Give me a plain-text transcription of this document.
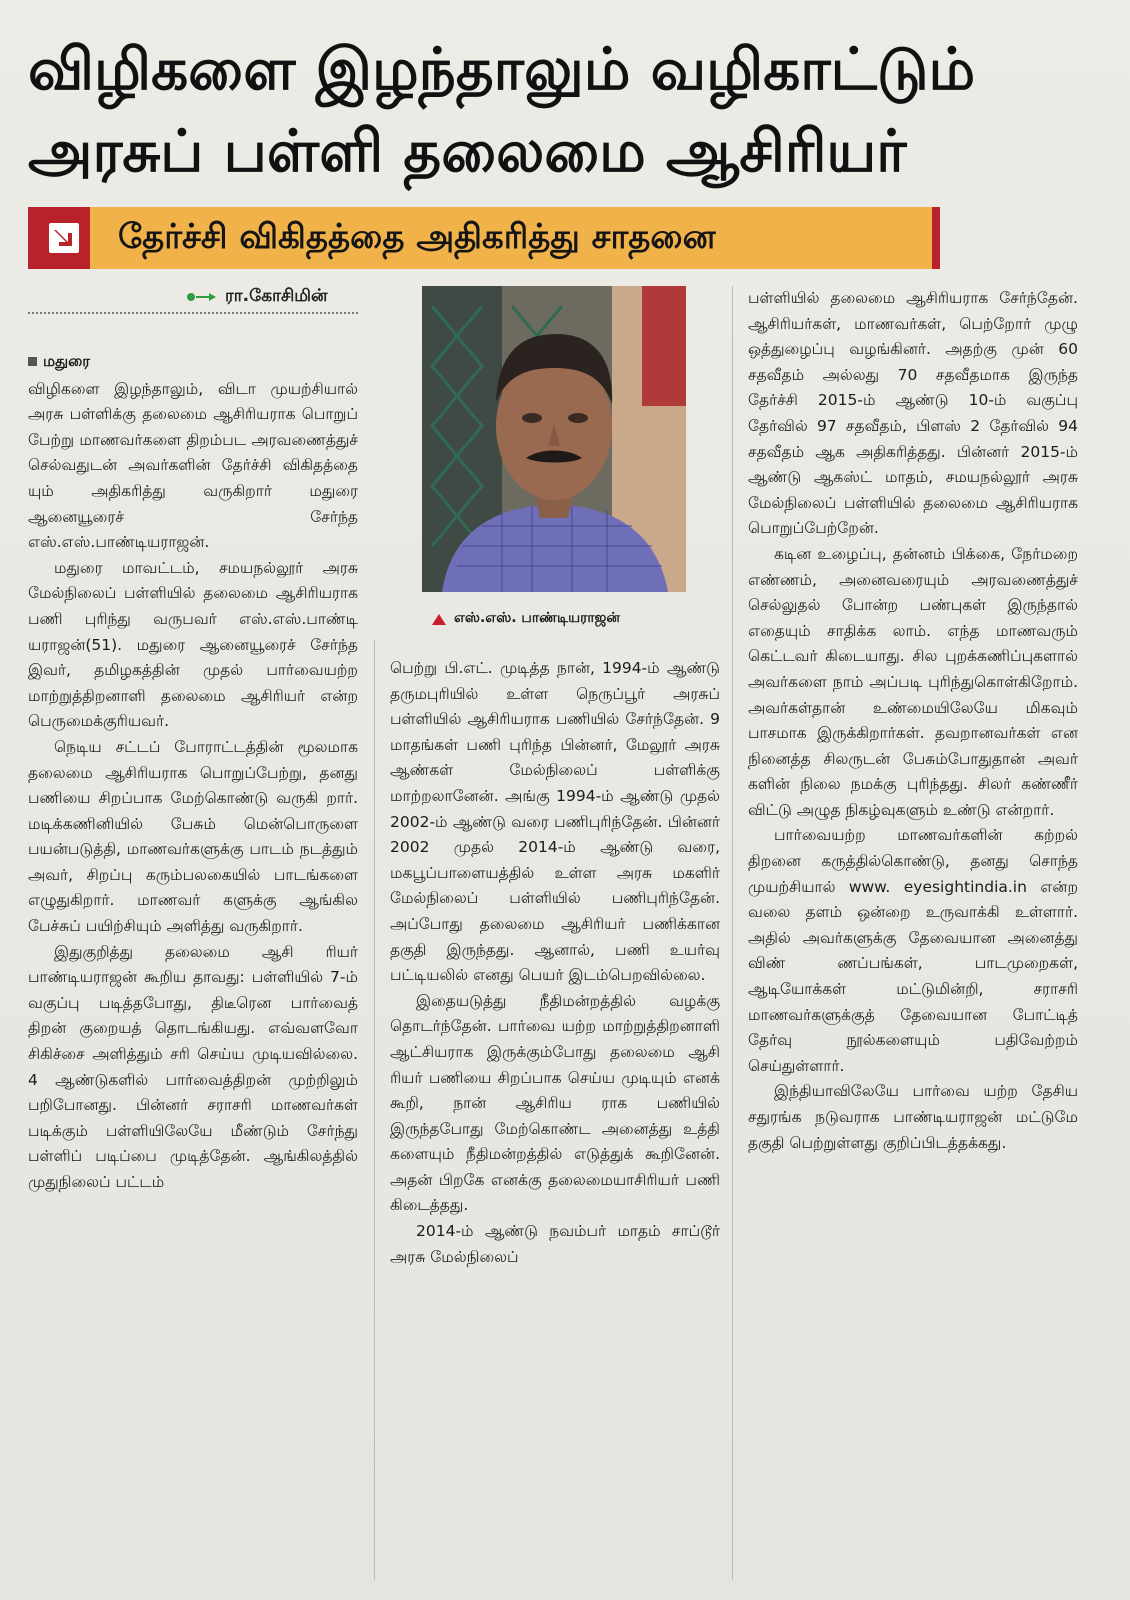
விழிகளை இழந்தாலும் வழிகாட்டும்
அரசுப் பள்ளி தலைமை ஆசிரியர்
தேர்ச்சி விகிதத்தை அதிகரித்து சாதனை
ரா.கோசிமின்
மதுரை

விழிகளை இழந்தாலும், விடா முயற்சியால் அரசு பள்ளிக்கு தலைமை ஆசிரியராக பொறுப் பேற்று மாணவர்களை திறம்பட அரவணைத்துச் செல்வதுடன் அவர்களின் தேர்ச்சி விகிதத்தை யும் அதிகரித்து வருகிறார் மதுரை ஆனையூரைச் சேர்ந்த எஸ்.எஸ்.பாண்டியராஜன்.

மதுரை மாவட்டம், சமயநல்லூர் அரசு மேல்நிலைப் பள்ளியில் தலைமை ஆசிரியராக பணி புரிந்து வருபவர் எஸ்.எஸ்.பாண்டி யராஜன்(51). மதுரை ஆனையூரைச் சேர்ந்த இவர், தமிழகத்தின் முதல் பார்வையற்ற மாற்றுத்திறனாளி தலைமை ஆசிரியர் என்ற பெருமைக்குரியவர்.

நெடிய சட்டப் போராட்டத்தின் மூலமாக தலைமை ஆசிரியராக பொறுப்பேற்று, தனது பணியை சிறப்பாக மேற்கொண்டு வருகி றார். மடிக்கணினியில் பேசும் மென்பொருளை பயன்படுத்தி, மாணவர்களுக்கு பாடம் நடத்தும் அவர், சிறப்பு கரும்பலகையில் பாடங்களை எழுதுகிறார். மாணவர் களுக்கு ஆங்கில பேச்சுப் பயிற்சியும் அளித்து வருகிறார்.

இதுகுறித்து தலைமை ஆசி ரியர் பாண்டியராஜன் கூறிய தாவது: பள்ளியில் 7-ம் வகுப்பு படித்தபோது, திடீரென பார்வைத் திறன் குறையத் தொடங்கியது. எவ்வளவோ சிகிச்சை அளித்தும் சரி செய்ய முடியவில்லை. 4 ஆண்டுகளில் பார்வைத்திறன் முற்றிலும் பறிபோனது. பின்னர் சராசரி மாணவர்கள் படிக்கும் பள்ளியிலேயே மீண்டும் சேர்ந்து பள்ளிப் படிப்பை முடித்தேன். ஆங்கிலத்தில் முதுநிலைப் பட்டம்

எஸ்.எஸ். பாண்டியராஜன்

பெற்று பி.எட். முடித்த நான், 1994-ம் ஆண்டு தருமபுரியில் உள்ள நெருப்பூர் அரசுப் பள்ளியில் ஆசிரியராக பணியில் சேர்ந்தேன். 9 மாதங்கள் பணி புரிந்த பின்னர், மேலூர் அரசு ஆண்கள் மேல்நிலைப் பள்ளிக்கு மாற்றலானேன். அங்கு 1994-ம் ஆண்டு முதல் 2002-ம் ஆண்டு வரை பணிபுரிந்தேன். பின்னர் 2002 முதல் 2014-ம் ஆண்டு வரை, மகபூப்பாளையத்தில் உள்ள அரசு மகளிர் மேல்நிலைப் பள்ளியில் பணிபுரிந்தேன். அப்போது தலைமை ஆசிரியர் பணிக்கான தகுதி இருந்தது. ஆனால், பணி உயர்வு பட்டியலில் எனது பெயர் இடம்பெறவில்லை.

இதையடுத்து நீதிமன்றத்தில் வழக்கு தொடர்ந்தேன். பார்வை யற்ற மாற்றுத்திறனாளி ஆட்சியராக இருக்கும்போது தலைமை ஆசி ரியர் பணியை சிறப்பாக செய்ய முடியும் எனக் கூறி, நான் ஆசிரிய ராக பணியில் இருந்தபோது மேற்கொண்ட அனைத்து உத்தி களையும் நீதிமன்றத்தில் எடுத்துக் கூறினேன். அதன் பிறகே எனக்கு தலைமையாசிரியர் பணி கிடைத்தது.

2014-ம் ஆண்டு நவம்பர் மாதம் சாப்டூர் அரசு மேல்நிலைப்

பள்ளியில் தலைமை ஆசிரியராக சேர்ந்தேன். ஆசிரியர்கள், மாணவர்கள், பெற்றோர் முழு ஒத்துழைப்பு வழங்கினர். அதற்கு முன் 60 சதவீதம் அல்லது 70 சதவீதமாக இருந்த தேர்ச்சி 2015-ம் ஆண்டு 10-ம் வகுப்பு தேர்வில் 97 சதவீதம், பிளஸ் 2 தேர்வில் 94 சதவீதம் ஆக அதிகரித்தது. பின்னர் 2015-ம் ஆண்டு ஆகஸ்ட் மாதம், சமயநல்லூர் அரசு மேல்நிலைப் பள்ளியில் தலைமை ஆசிரியராக பொறுப்பேற்றேன்.

கடின உழைப்பு, தன்னம் பிக்கை, நேர்மறை எண்ணம், அனைவரையும் அரவணைத்துச் செல்லுதல் போன்ற பண்புகள் இருந்தால் எதையும் சாதிக்க லாம். எந்த மாணவரும் கெட்டவர் கிடையாது. சில புறக்கணிப்புகளால் அவர்களை நாம் அப்படி புரிந்துகொள்கிறோம். அவர்கள்தான் உண்மையிலேயே மிகவும் பாசமாக இருக்கிறார்கள். தவறானவர்கள் என நினைத்த சிலருடன் பேசும்போதுதான் அவர் களின் நிலை நமக்கு புரிந்தது. சிலர் கண்ணீர் விட்டு அழுத நிகழ்வுகளும் உண்டு என்றார்.

பார்வையற்ற மாணவர்களின் கற்றல் திறனை கருத்தில்கொண்டு, தனது சொந்த முயற்சியால் www. eyesightindia.in என்ற வலை தளம் ஒன்றை உருவாக்கி உள்ளார். அதில் அவர்களுக்கு தேவையான அனைத்து விண் ணப்பங்கள், பாடமுறைகள், ஆடியோக்கள் மட்டுமின்றி, சராசரி மாணவர்களுக்குத் தேவையான போட்டித் தேர்வு நூல்களையும் பதிவேற்றம் செய்துள்ளார்.

இந்தியாவிலேயே பார்வை யற்ற தேசிய சதுரங்க நடுவராக பாண்டியராஜன் மட்டுமே தகுதி பெற்றுள்ளது குறிப்பிடத்தக்கது.
